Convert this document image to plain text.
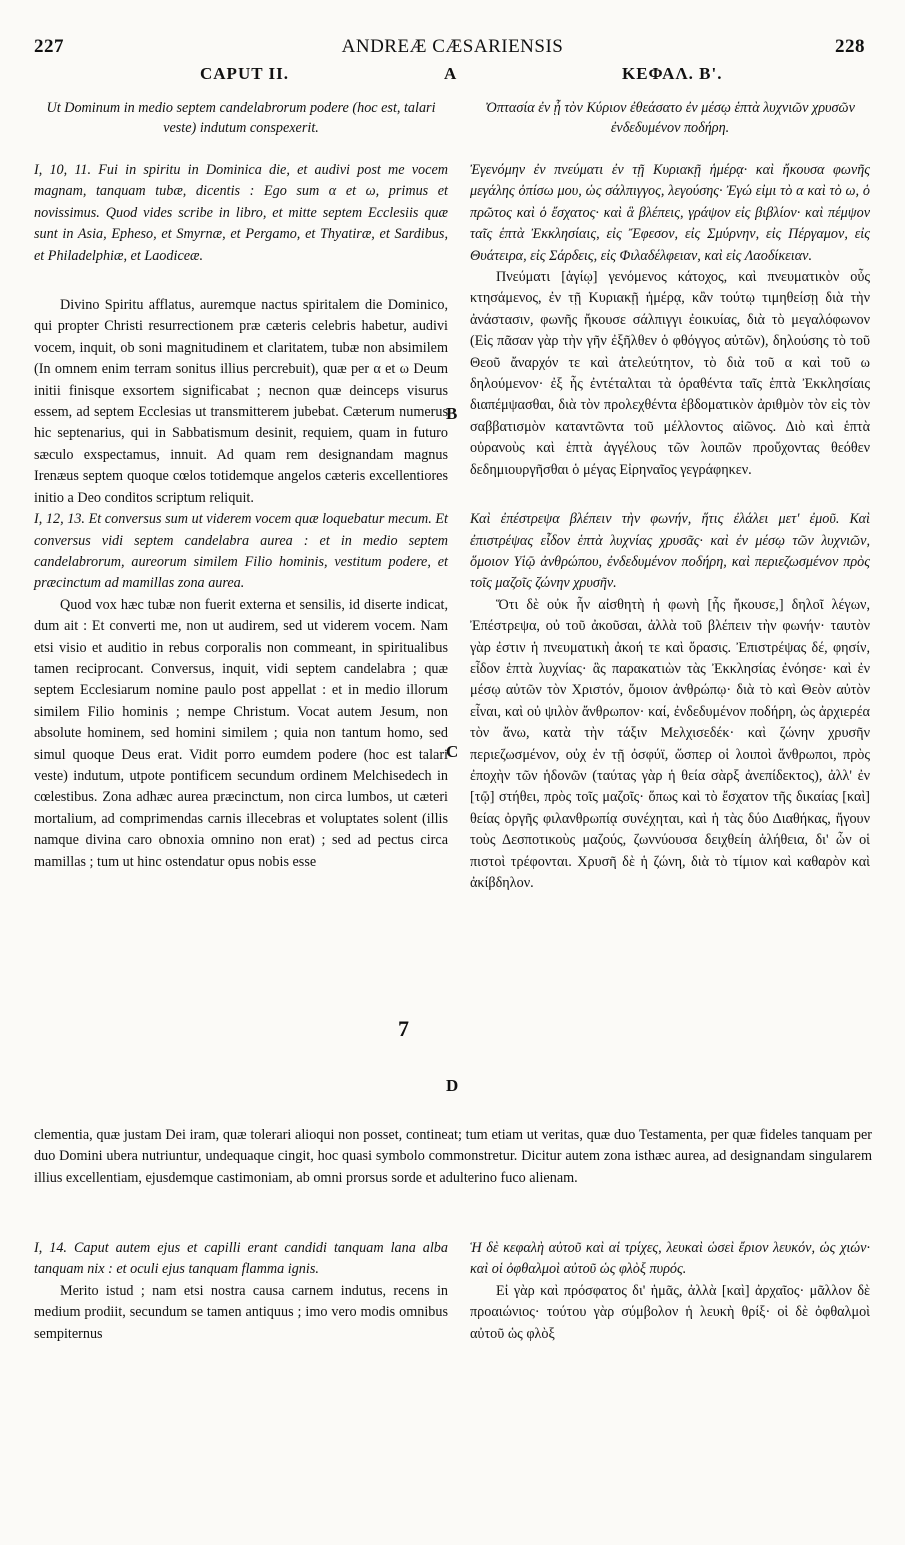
227	ANDREÆ CÆSARIENSIS	228
CAPUT II.	A	ΚΕΦΑΛ. Β'.

Ut Dominum in medio septem candelabrorum podere (hoc est, talari veste) indutum conspexerit.

I, 10, 11. Fui in spiritu in Dominica die, et audivi post me vocem magnam, tanquam tubæ, dicentis : Ego sum α et ω, primus et novissimus. Quod vides scribe in libro, et mitte septem Ecclesiis quæ sunt in Asia, Epheso, et Smyrnæ, et Pergamo, et Thyatiræ, et Sardibus, et Philadelphiæ, et Laodiceæ.

Divino Spiritu afflatus, auremque nactus spiritalem die Dominico, qui propter Christi resurrectionem præ cæteris celebris habetur, audivi vocem, inquit, ob soni magnitudinem et claritatem, tubæ non absimilem (In omnem enim terram sonitus illius percrebuit), quæ per α et ω Deum initii finisque exsortem significabat ; necnon quæ deinceps visurus essem, ad septem Ecclesias ut transmitterem jubebat. Cæterum numerus hic septenarius, qui in Sabbatismum desinit, requiem, quam in futuro sæculo exspectamus, innuit. Ad quam rem designandam magnus Irenæus septem quoque cœlos totidemque angelos cæteris excellentiores initio a Deo conditos scriptum reliquit.

I, 12, 13. Et conversus sum ut viderem vocem quæ loquebatur mecum. Et conversus vidi septem candelabra aurea : et in medio septem candelabrorum, aureorum similem Filio hominis, vestitum podere, et præcinctum ad mamillas zona aurea.

Quod vox hæc tubæ non fuerit externa et sensilis, id diserte indicat, dum ait : Et converti me, non ut audirem, sed ut viderem vocem. Nam etsi visio et auditio in rebus corporalis non commeant, in spiritualibus tamen reciprocant. Conversus, inquit, vidi septem candelabra ; quæ septem Ecclesiarum nomine paulo post appellat : et in medio illorum similem Filio hominis ; nempe Christum. Vocat autem Jesum, non absolute hominem, sed homini similem ; quia non tantum homo, sed simul quoque Deus erat. Vidit porro eumdem podere (hoc est talari veste) indutum, utpote pontificem secundum ordinem Melchisedech in cœlestibus. Zona adhæc aurea præcinctum, non circa lumbos, ut cæteri mortalium, ad comprimendas carnis illecebras et voluptates solent (illis namque divina caro obnoxia omnino non erat) ; sed ad pectus circa mamillas ; tum ut hinc ostendatur opus nobis esse

Ὀπτασία ἐν ᾗ τὸν Κύριον ἐθεάσατο ἐν μέσῳ ἑπτὰ λυχνιῶν χρυσῶν ἐνδεδυμένον ποδήρη.

Ἐγενόμην ἐν πνεύματι ἐν τῇ Κυριακῇ ἡμέρᾳ· καὶ ἤκουσα φωνῆς μεγάλης ὀπίσω μου, ὡς σάλπιγγος, λεγούσης· Ἐγώ εἰμι τὸ α καὶ τὸ ω, ὁ πρῶτος καὶ ὁ ἔσχατος· καὶ ἃ βλέπεις, γράψον εἰς βιβλίον· καὶ πέμψον ταῖς ἑπτὰ Ἐκκλησίαις, εἰς Ἔφεσον, εἰς Σμύρνην, εἰς Πέργαμον, εἰς Θυάτειρα, εἰς Σάρδεις, εἰς Φιλαδέλφειαν, καὶ εἰς Λαοδίκειαν.

Πνεύματι [ἁγίῳ] γενόμενος κάτοχος, καὶ πνευματικὸν οὖς κτησάμενος, ἐν τῇ Κυριακῇ ἡμέρᾳ, κἂν τούτῳ τιμηθείσῃ διὰ τὴν ἀνάστασιν, φωνῆς ἤκουσε σάλπιγγι ἐοικυίας, διὰ τὸ μεγαλόφωνον (Εἰς πᾶσαν γὰρ τὴν γῆν ἐξῆλθεν ὁ φθόγγος αὐτῶν), δηλούσης τὸ τοῦ Θεοῦ ἄναρχόν τε καὶ ἀτελεύτητον, τὸ διὰ τοῦ α καὶ τοῦ ω δηλούμενον· ἐξ ἧς ἐντέταλται τὰ ὁραθέντα ταῖς ἑπτὰ Ἐκκλησίαις διαπέμψασθαι, διὰ τὸν προλεχθέντα ἑβδοματικὸν ἀριθμὸν τὸν εἰς τὸν σαββατισμὸν καταντῶντα τοῦ μέλλοντος αἰῶνος. Διὸ καὶ ἑπτὰ οὐρανοὺς καὶ ἑπτὰ ἀγγέλους τῶν λοιπῶν προὔχοντας θεόθεν δεδημιουργῆσθαι ὁ μέγας Εἰρηναῖος γεγράφηκεν.

Καὶ ἐπέστρεψα βλέπειν τὴν φωνήν, ἥτις ἐλάλει μετ' ἐμοῦ. Καὶ ἐπιστρέψας εἶδον ἑπτὰ λυχνίας χρυσᾶς· καὶ ἐν μέσῳ τῶν λυχνιῶν, ὅμοιον Υἱῷ ἀνθρώπου, ἐνδεδυμένον ποδήρη, καὶ περιεζωσμένον πρὸς τοῖς μαζοῖς ζώνην χρυσῆν.

Ὅτι δὲ οὐκ ἦν αἰσθητὴ ἡ φωνὴ [ἧς ἤκουσε,] δηλοῖ λέγων, Ἐπέστρεψα, οὐ τοῦ ἀκοῦσαι, ἀλλὰ τοῦ βλέπειν τὴν φωνήν· ταυτὸν γὰρ ἐστιν ἡ πνευματικὴ ἀκοή τε καὶ ὅρασις. Ἐπιστρέψας δέ, φησίν, εἶδον ἑπτὰ λυχνίας· ἃς παρακατιὼν τὰς Ἐκκλησίας ἐνόησε· καὶ ἐν μέσῳ αὐτῶν τὸν Χριστόν, ὅμοιον ἀνθρώπῳ· διὰ τὸ καὶ Θεὸν αὐτὸν εἶναι, καὶ οὐ ψιλὸν ἄνθρωπον· καί, ἐνδεδυμένον ποδήρη, ὡς ἀρχιερέα τὸν ἄνω, κατὰ τὴν τάξιν Μελχισεδέκ· καὶ ζώνην χρυσῆν περιεζωσμένον, οὐχ ἐν τῇ ὀσφύϊ, ὥσπερ οἱ λοιποὶ ἄνθρωποι, πρὸς ἐποχὴν τῶν ἡδονῶν (ταύτας γὰρ ἡ θεία σὰρξ ἀνεπίδεκτος), ἀλλ' ἐν [τῷ] στήθει, πρὸς τοῖς μαζοῖς· ὅπως καὶ τὸ ἔσχατον τῆς δικαίας [καὶ] θείας ὀργῆς φιλανθρωπίᾳ συνέχηται, καὶ ἡ τὰς δύο Διαθήκας, ἤγουν τοὺς Δεσποτικοὺς μαζούς, ζωννύουσα δειχθείη ἀλήθεια, δι' ὧν οἱ πιστοὶ τρέφονται. Χρυσῆ δὲ ἡ ζώνη, διὰ τὸ τίμιον καὶ καθαρὸν καὶ ἀκίβδηλον.

B
C
D
7
clementia, quæ justam Dei iram, quæ tolerari alioqui non posset, contineat; tum etiam ut veritas, quæ duo Testamenta, per quæ fideles tanquam per duo Domini ubera nutriuntur, undequaque cingit, hoc quasi symbolo commonstretur. Dicitur autem zona isthæc aurea, ad designandam singularem illius excellentiam, ejusdemque castimoniam, ab omni prorsus sorde et adulterino fuco alienam.

I, 14. Caput autem ejus et capilli erant candidi tanquam lana alba tanquam nix : et oculi ejus tanquam flamma ignis.

Merito istud ; nam etsi nostra causa carnem indutus, recens in medium prodiit, secundum se tamen antiquus ; imo vero modis omnibus sempiternus

Ἡ δὲ κεφαλὴ αὐτοῦ καὶ αἱ τρίχες, λευκαὶ ὡσεὶ ἔριον λευκόν, ὡς χιών· καὶ οἱ ὀφθαλμοὶ αὐτοῦ ὡς φλὸξ πυρός.

Εἰ γὰρ καὶ πρόσφατος δι' ἡμᾶς, ἀλλὰ [καὶ] ἀρχαῖος· μᾶλλον δὲ προαιώνιος· τούτου γὰρ σύμβολον ἡ λευκὴ θρίξ· οἱ δὲ ὀφθαλμοὶ αὐτοῦ ὡς φλὸξ
